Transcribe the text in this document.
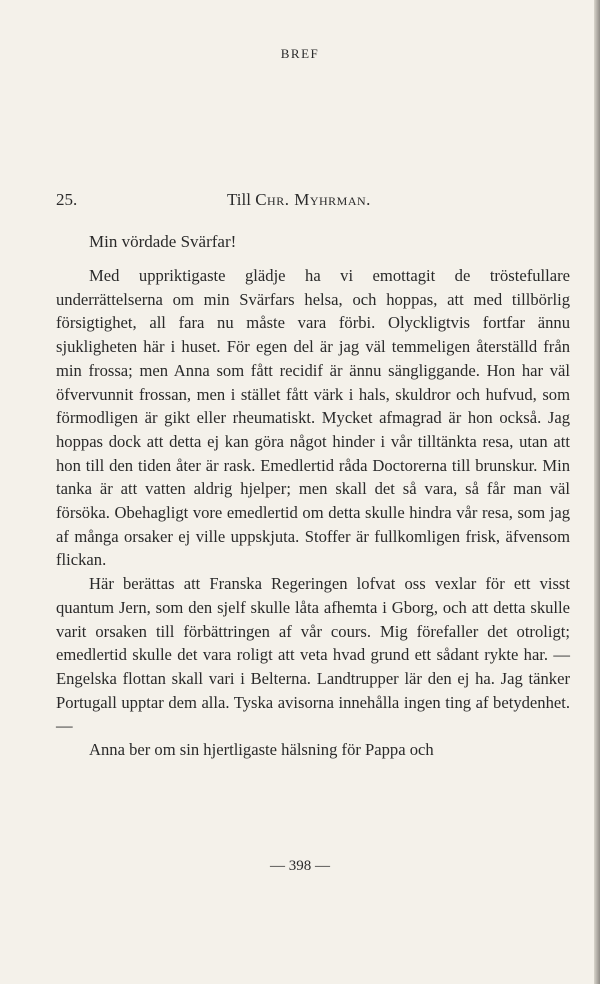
BREF
25.	Till Chr. Myhrman.
Min vördade Svärfar!

Med uppriktigaste glädje ha vi emottagit de tröstefullare underrättelserna om min Svärfars helsa, och hoppas, att med tillbörlig försigtighet, all fara nu måste vara förbi. Olyckligtvis fortfar ännu sjukligheten här i huset. För egen del är jag väl temmeligen återställd från min frossa; men Anna som fått recidif är ännu sängliggande. Hon har väl öfvervunnit frossan, men i stället fått värk i hals, skuldror och hufvud, som förmodligen är gikt eller rheumatiskt. Mycket afmagrad är hon också. Jag hoppas dock att detta ej kan göra något hinder i vår tilltänkta resa, utan att hon till den tiden åter är rask. Emedlertid råda Doctorerna till brunskur. Min tanka är att vatten aldrig hjelper; men skall det så vara, så får man väl försöka. Obehagligt vore emedlertid om detta skulle hindra vår resa, som jag af många orsaker ej ville uppskjuta. Stoffer är fullkomligen frisk, äfvensom flickan.

Här berättas att Franska Regeringen lofvat oss vexlar för ett visst quantum Jern, som den sjelf skulle låta afhemta i Gborg, och att detta skulle varit orsaken till förbättringen af vår cours. Mig förefaller det otroligt; emedlertid skulle det vara roligt att veta hvad grund ett sådant rykte har. — Engelska flottan skall vari i Belterna. Landtrupper lär den ej ha. Jag tänker Portugall upptar dem alla. Tyska avisorna innehålla ingen ting af betydenhet. —

Anna ber om sin hjertligaste hälsning för Pappa och

— 398 —
